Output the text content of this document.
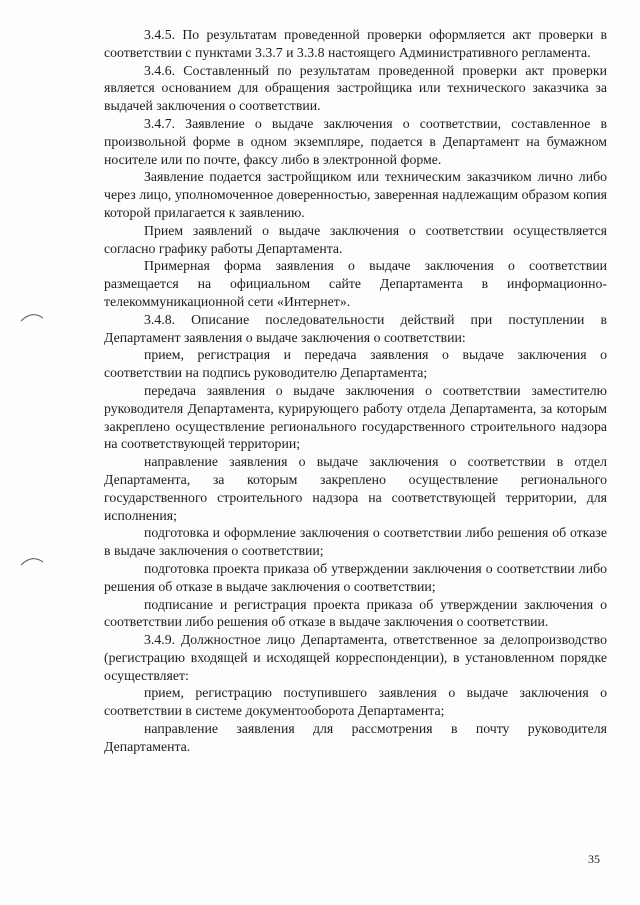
3.4.5. По результатам проведенной проверки оформляется акт проверки в соответствии с пунктами 3.3.7 и 3.3.8 настоящего Административного регламента.

3.4.6. Составленный по результатам проведенной проверки акт проверки является основанием для обращения застройщика или технического заказчика за выдачей заключения о соответствии.

3.4.7. Заявление о выдаче заключения о соответствии, составленное в произвольной форме в одном экземпляре, подается в Департамент на бумажном носителе или по почте, факсу либо в электронной форме.

Заявление подается застройщиком или техническим заказчиком лично либо через лицо, уполномоченное доверенностью, заверенная надлежащим образом копия которой прилагается к заявлению.

Прием заявлений о выдаче заключения о соответствии осуществляется согласно графику работы Департамента.

Примерная форма заявления о выдаче заключения о соответствии размещается на официальном сайте Департамента в информационно-телекоммуникационной сети «Интернет».

3.4.8. Описание последовательности действий при поступлении в Департамент заявления о выдаче заключения о соответствии:

прием, регистрация и передача заявления о выдаче заключения о соответствии на подпись руководителю Департамента;

передача заявления о выдаче заключения о соответствии заместителю руководителя Департамента, курирующего работу отдела Департамента, за которым закреплено осуществление регионального государственного строительного надзора на соответствующей территории;

направление заявления о выдаче заключения о соответствии в отдел Департамента, за которым закреплено осуществление регионального государственного строительного надзора на соответствующей территории, для исполнения;

подготовка и оформление заключения о соответствии либо решения об отказе в выдаче заключения о соответствии;

подготовка проекта приказа об утверждении заключения о соответствии либо решения об отказе в выдаче заключения о соответствии;

подписание и регистрация проекта приказа об утверждении заключения о соответствии либо решения об отказе в выдаче заключения о соответствии.

3.4.9. Должностное лицо Департамента, ответственное за делопроизводство (регистрацию входящей и исходящей корреспонденции), в установленном порядке осуществляет:

прием, регистрацию поступившего заявления о выдаче заключения о соответствии в системе документооборота Департамента;

направление заявления для рассмотрения в почту руководителя Департамента.

35
